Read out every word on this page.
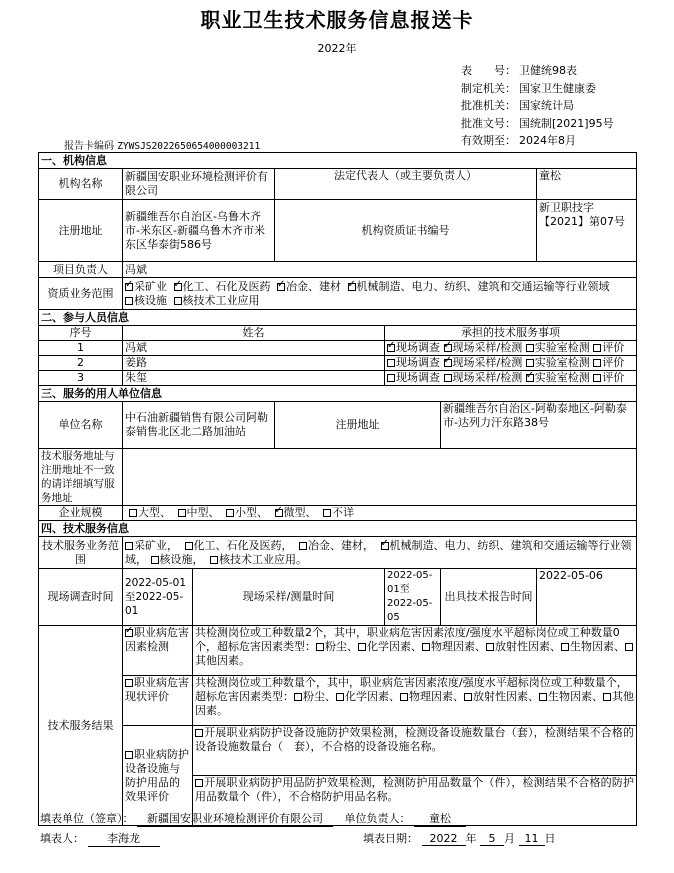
职业卫生技术服务信息报送卡
2022年
表　　号： 卫健统98表
制定机关： 国家卫生健康委
批准机关： 国家统计局
批准文号： 国统制[2021]95号
有效期至： 2024年8月
报告卡编码 ZYWSJS2022650654000003211
一、机构信息						
机构名称	新疆国安职业环境检测评价有限公司		法定代表人（或主要负责人）			童松
注册地址	新疆维吾尔自治区-乌鲁木齐市-米东区-新疆乌鲁木齐市米东区华泰街586号		机构资质证书编号			新卫职技字【2021】第07号
项目负责人	冯斌					
资质业务范围	✓采矿业 ✓ 化工、石化及医药 ✓ 冶金、建材 ✓ 机械制造、电力、纺织、建筑和交通运输等行业领域 核设施 核技术工业应用
二、参与人员信息						
序号	姓名			承担的技术服务事项		
1	冯斌	✓现场调查 ✓ 现场采样/检测 实验室检测 评价
2	姜路			现场调查 ✓ 现场采样/检测 实验室检测 评价
3	朱玺			现场调查 现场采样/检测 ✓ 实验室检测 评价
三、服务的用人单位信息						
单位名称	中石油新疆销售有限公司阿勒泰销售北区北二路加油站		注册地址		新疆维吾尔自治区-阿勒泰地区-阿勒泰市-达列力汗东路38号	
技术服务地址与注册地址不一致的请详细填写服务地址						
企业规模	大型、 中型、 小型、 ✓ 微型、 不详
四、技术服务信息						
技术服务业务范围	采矿业， 化工、石化及医药， 冶金、建材， ✓ 机械制造、电力、纺织、建筑和交通运输等行业领域， 核设施， 核技术工业应用。
现场调查时间	2022-05-01至2022-05-01	现场采样/测量时间		2022-05-01至2022-05-05	出具技术报告时间	2022-05-06
技术服务结果	✓职业病危害因素检测	共检测岗位或工种数量2个，其中，职业病危害因素浓度/强度水平超标岗位或工种数量0个，超标危害因素类型： 粉尘、 化学因素、 物理因素、 放射性因素、 生物因素、其他因素。				
	职业病危害现状评价	共检测岗位或工种数量个，其中，职业病危害因素浓度/强度水平超标岗位或工种数量个，超标危害因素类型： 粉尘、 化学因素、 物理因素、 放射性因素、 生物因素、 其他因素。				
	职业病防护设备设施与防护用品的效果评价	开展职业病防护设备设施防护效果检测，检测设备设施数量台（套），检测结果不合格的设备设施数量台（　套），不合格的设备设施名称。				
		开展职业病防护用品防护效果检测，检测防护用品数量个（件），检测结果不合格的防护用品数量个（件），不合格防护用品名称。				
填表单位（签章）： 新疆国安职业环境检测评价有限公司 单位负责人： 童松
填表人： 李海龙	填表日期： 2022 年 5 月 11 日
